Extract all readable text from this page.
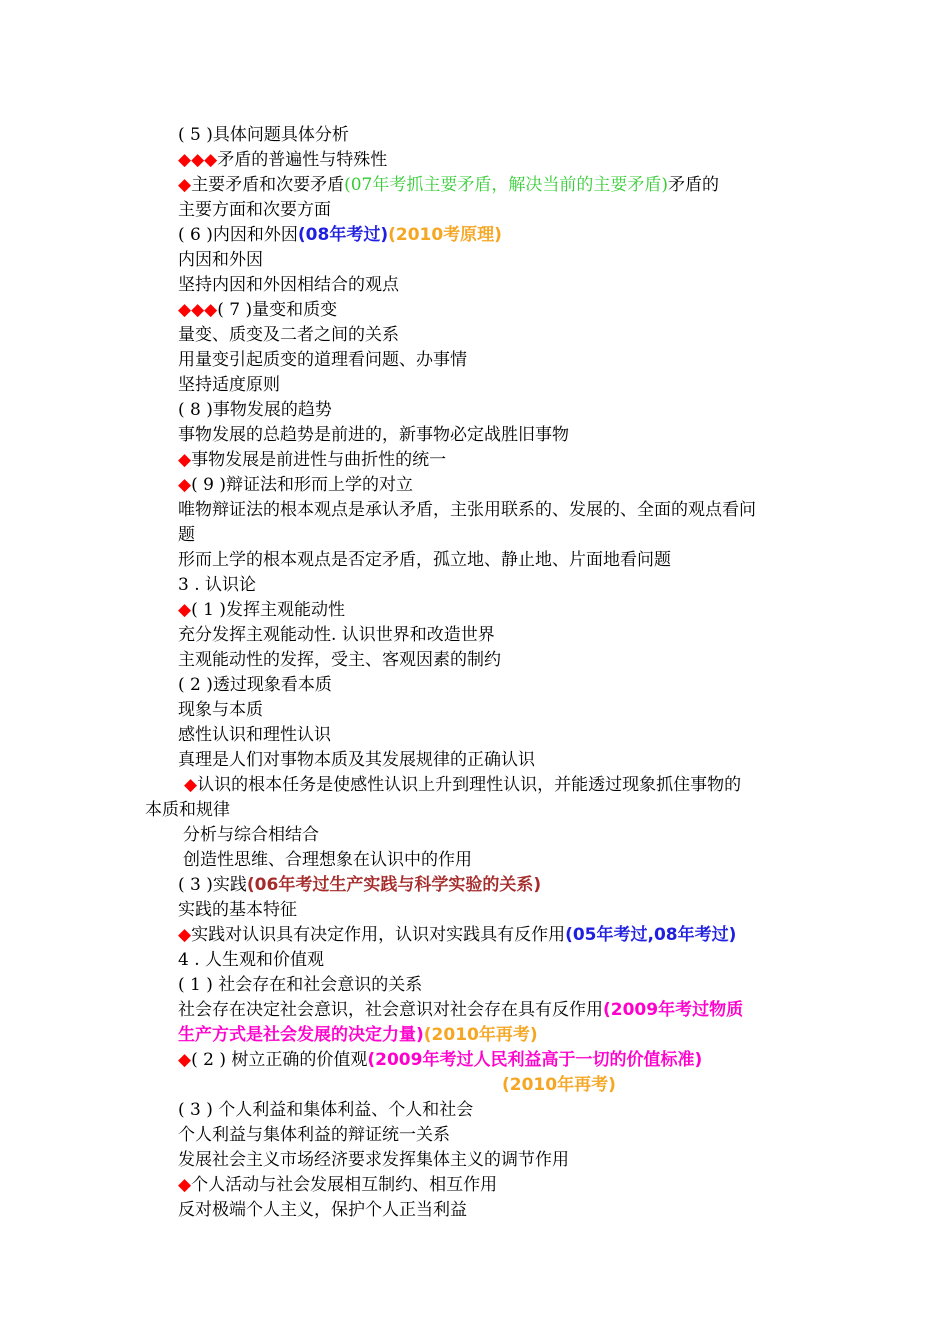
( 5 )具体问题具体分析
◆◆◆矛盾的普遍性与特殊性
◆主要矛盾和次要矛盾(07年考抓主要矛盾，解决当前的主要矛盾)矛盾的
主要方面和次要方面
( 6 )内因和外因(08年考过)(2010考原理)
内因和外因
坚持内因和外因相结合的观点
◆◆◆( 7 )量变和质变
量变、质变及二者之间的关系
用量变引起质变的道理看问题、办事情
坚持适度原则
( 8 )事物发展的趋势
事物发展的总趋势是前进的，新事物必定战胜旧事物
◆事物发展是前进性与曲折性的统一
◆( 9 )辩证法和形而上学的对立
唯物辩证法的根本观点是承认矛盾，主张用联系的、发展的、全面的观点看问
题
形而上学的根本观点是否定矛盾，孤立地、静止地、片面地看问题
3 . 认识论
◆( 1 )发挥主观能动性
充分发挥主观能动性. 认识世界和改造世界
主观能动性的发挥，受主、客观因素的制约
( 2 )透过现象看本质
现象与本质
感性认识和理性认识
真理是人们对事物本质及其发展规律的正确认识
◆认识的根本任务是使感性认识上升到理性认识，并能透过现象抓住事物的
本质和规律
分析与综合相结合
创造性思维、合理想象在认识中的作用
( 3 )实践(06年考过生产实践与科学实验的关系)
实践的基本特征
◆实践对认识具有决定作用，认识对实践具有反作用(05年考过,08年考过)
4 . 人生观和价值观
( 1 ) 社会存在和社会意识的关系
社会存在决定社会意识，社会意识对社会存在具有反作用(2009年考过物质
生产方式是社会发展的决定力量)(2010年再考)
◆( 2 ) 树立正确的价值观(2009年考过人民利益高于一切的价值标准)
(2010年再考)
( 3 ) 个人利益和集体利益、个人和社会
个人利益与集体利益的辩证统一关系
发展社会主义市场经济要求发挥集体主义的调节作用
◆个人活动与社会发展相互制约、相互作用
反对极端个人主义，保护个人正当利益
